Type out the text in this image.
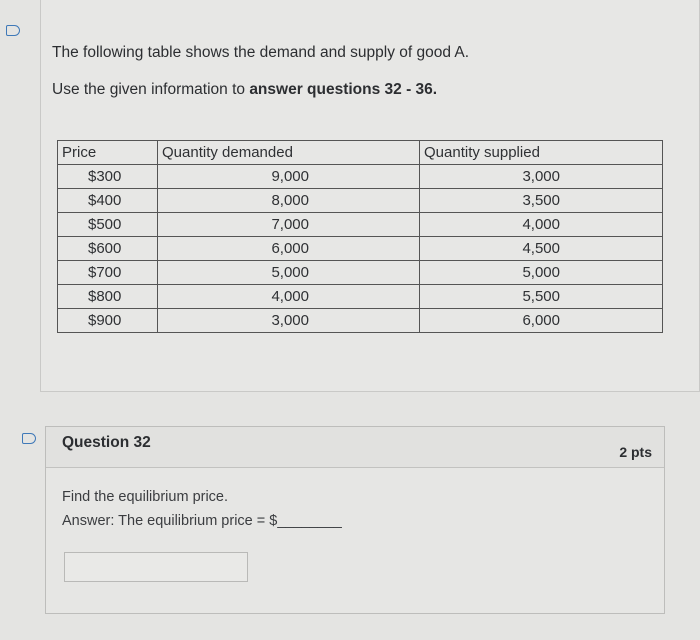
The following table shows the demand and supply of good A.
Use the given information to answer questions 32 - 36.
Price	Quantity demanded	Quantity supplied
$300	9,000	3,000
$400	8,000	3,500
$500	7,000	4,000
$600	6,000	4,500
$700	5,000	5,000
$800	4,000	5,500
$900	3,000	6,000
Question 32
2 pts
Find the equilibrium price.
Answer: The equilibrium price = $________
